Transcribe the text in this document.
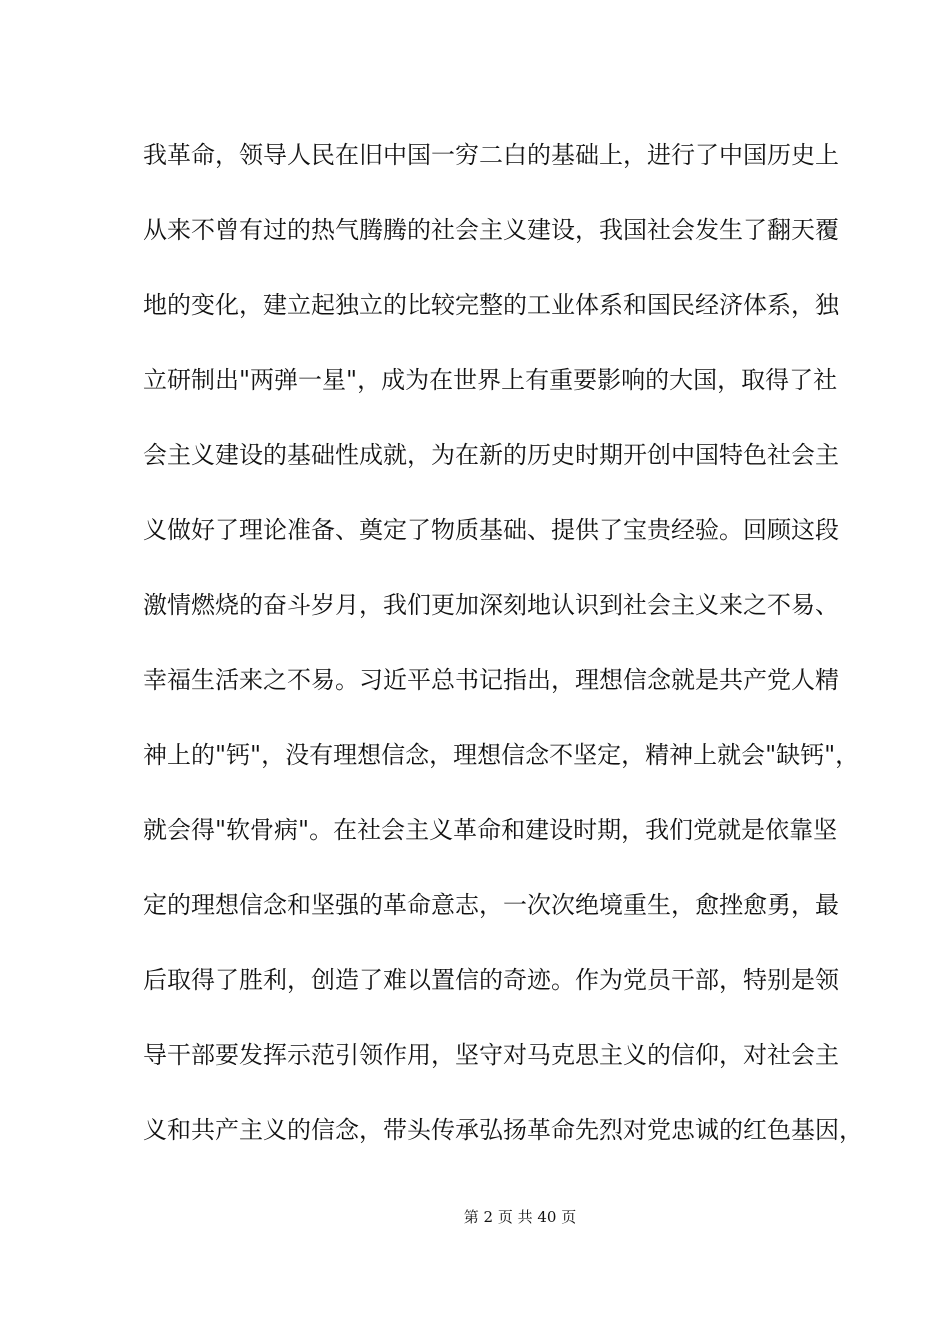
我革命，领导人民在旧中国一穷二白的基础上，进行了中国历史上
从来不曾有过的热气腾腾的社会主义建设，我国社会发生了翻天覆
地的变化，建立起独立的比较完整的工业体系和国民经济体系，独
立研制出"两弹一星"，成为在世界上有重要影响的大国，取得了社
会主义建设的基础性成就，为在新的历史时期开创中国特色社会主
义做好了理论准备、奠定了物质基础、提供了宝贵经验。回顾这段
激情燃烧的奋斗岁月，我们更加深刻地认识到社会主义来之不易、
幸福生活来之不易。习近平总书记指出，理想信念就是共产党人精
神上的"钙"，没有理想信念，理想信念不坚定，精神上就会"缺钙"，
就会得"软骨病"。在社会主义革命和建设时期，我们党就是依靠坚
定的理想信念和坚强的革命意志，一次次绝境重生，愈挫愈勇，最
后取得了胜利，创造了难以置信的奇迹。作为党员干部，特别是领
导干部要发挥示范引领作用，坚守对马克思主义的信仰，对社会主
义和共产主义的信念，带头传承弘扬革命先烈对党忠诚的红色基因，
第 2 页 共 40 页
